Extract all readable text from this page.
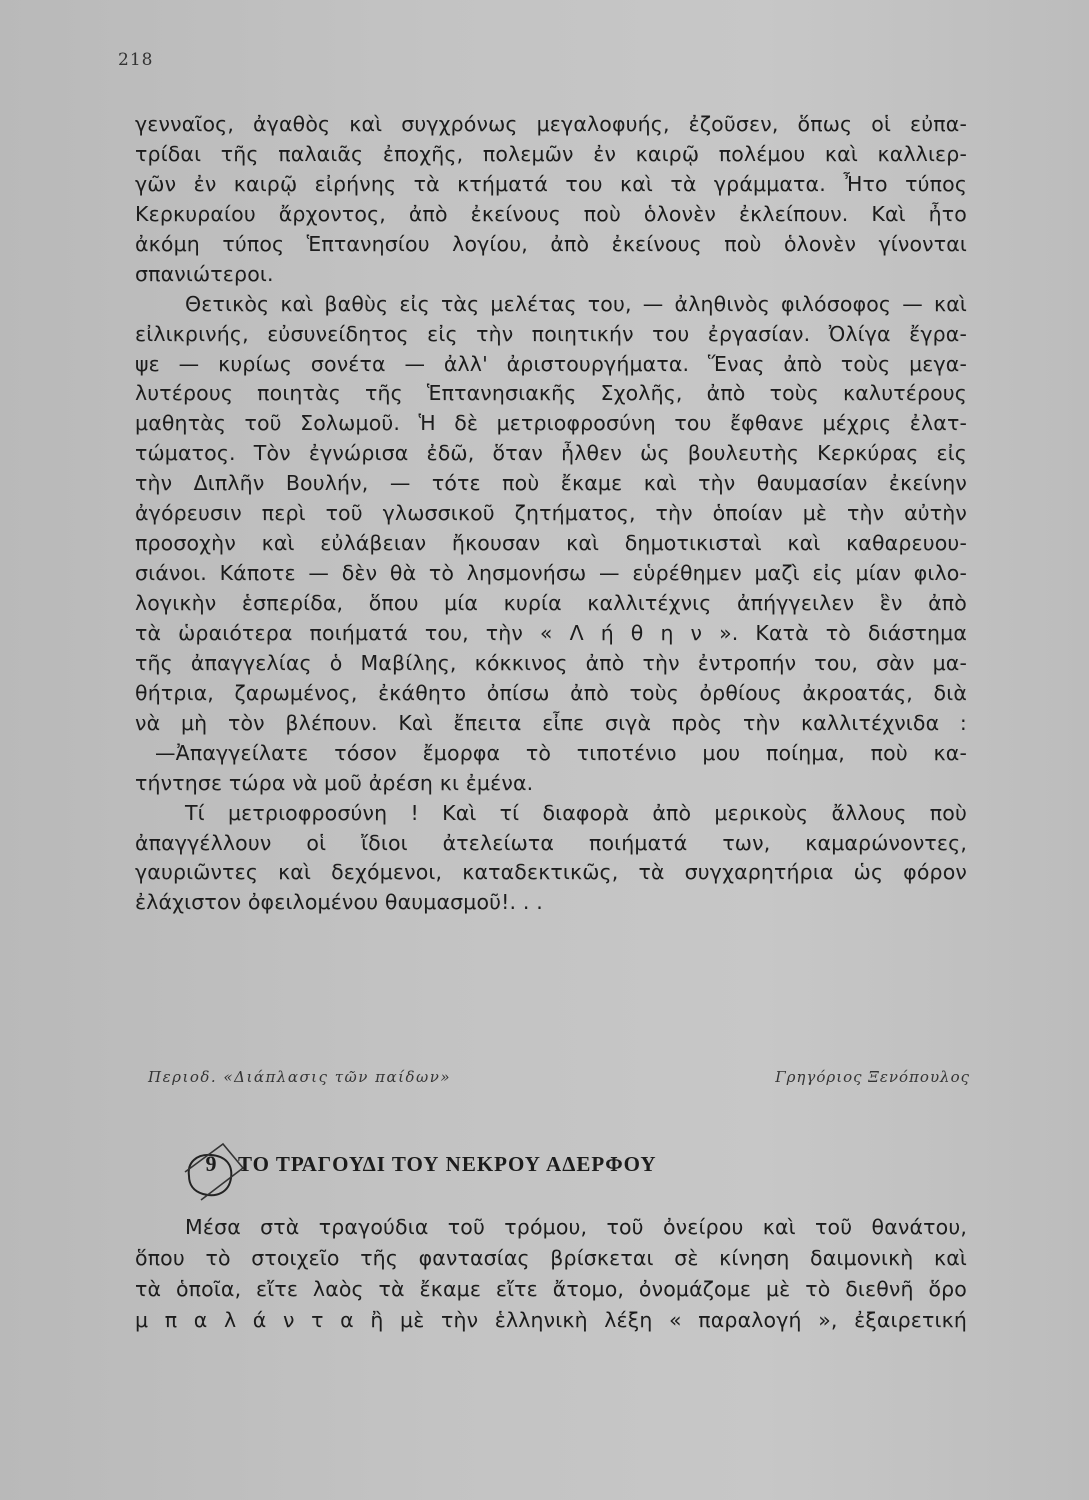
218
γενναῖος, ἀγαθὸς καὶ συγχρόνως μεγαλοφυής, ἐζοῦσεν, ὅπως οἱ εὐπα-
τρίδαι τῆς παλαιᾶς ἐποχῆς, πολεμῶν ἐν καιρῷ πολέμου καὶ καλλιερ-
γῶν ἐν καιρῷ εἰρήνης τὰ κτήματά του καὶ τὰ γράμματα. Ἦτο τύπος
Κερκυραίου ἄρχοντος, ἀπὸ ἐκείνους ποὺ ὁλονὲν ἐκλείπουν. Καὶ ἦτο
ἀκόμη τύπος Ἑπτανησίου λογίου, ἀπὸ ἐκείνους ποὺ ὁλονὲν γίνονται
σπανιώτεροι.
Θετικὸς καὶ βαθὺς εἰς τὰς μελέτας του, — ἀληθινὸς φιλόσοφος — καὶ
εἰλικρινής, εὐσυνείδητος εἰς τὴν ποιητικήν του ἐργασίαν. Ὀλίγα ἔγρα-
ψε — κυρίως σονέτα — ἀλλ' ἀριστουργήματα. Ἕνας ἀπὸ τοὺς μεγα-
λυτέρους ποιητὰς τῆς Ἑπτανησιακῆς Σχολῆς, ἀπὸ τοὺς καλυτέρους
μαθητὰς τοῦ Σολωμοῦ. Ἡ δὲ μετριοφροσύνη του ἔφθανε μέχρις ἐλατ-
τώματος. Τὸν ἐγνώρισα ἐδῶ, ὅταν ἦλθεν ὡς βουλευτὴς Κερκύρας εἰς
τὴν Διπλῆν Βουλήν, — τότε ποὺ ἔκαμε καὶ τὴν θαυμασίαν ἐκείνην
ἀγόρευσιν περὶ τοῦ γλωσσικοῦ ζητήματος, τὴν ὁποίαν μὲ τὴν αὐτὴν
προσοχὴν καὶ εὐλάβειαν ἤκουσαν καὶ δημοτικισταὶ καὶ καθαρευου-
σιάνοι. Κάποτε — δὲν θὰ τὸ λησμονήσω — εὑρέθημεν μαζὶ εἰς μίαν φιλο-
λογικὴν ἑσπερίδα, ὅπου μία κυρία καλλιτέχνις ἀπήγγειλεν ἓν ἀπὸ
τὰ ὡραιότερα ποιήματά του, τὴν « Λ ή θ η ν ». Κατὰ τὸ διάστημα
τῆς ἀπαγγελίας ὁ Μαβίλης, κόκκινος ἀπὸ τὴν ἐντροπήν του, σὰν μα-
θήτρια, ζαρωμένος, ἐκάθητο ὀπίσω ἀπὸ τοὺς ὀρθίους ἀκροατάς, διὰ
νὰ μὴ τὸν βλέπουν. Καὶ ἔπειτα εἶπε σιγὰ πρὸς τὴν καλλιτέχνιδα :
—Ἀπαγγείλατε τόσον ἔμορφα τὸ τιποτένιο μου ποίημα, ποὺ κα-
τήντησε τώρα νὰ μοῦ ἀρέση κι ἐμένα.
Τί μετριοφροσύνη ! Καὶ τί διαφορὰ ἀπὸ μερικοὺς ἄλλους ποὺ
ἀπαγγέλλουν οἱ ἴδιοι ἀτελείωτα ποιήματά των, καμαρώνοντες,
γαυριῶντες καὶ δεχόμενοι, καταδεκτικῶς, τὰ συγχαρητήρια ὡς φόρον
ἐλάχιστον ὀφειλομένου θαυμασμοῦ!. . .
Περιοδ. «Διάπλασις τῶν παίδων»	Γρηγόριος Ξενόπουλος
9	ΤΟ ΤΡΑΓΟΥΔΙ ΤΟΥ ΝΕΚΡΟΥ ΑΔΕΡΦΟΥ
Μέσα στὰ τραγούδια τοῦ τρόμου, τοῦ ὀνείρου καὶ τοῦ θανάτου,
ὅπου τὸ στοιχεῖο τῆς φαντασίας βρίσκεται σὲ κίνηση δαιμονικὴ καὶ
τὰ ὁποῖα, εἴτε λαὸς τὰ ἔκαμε εἴτε ἄτομο, ὀνομάζομε μὲ τὸ διεθνῆ ὅρο
μ π α λ ά ν τ α ἢ μὲ τὴν ἑλληνικὴ λέξη « παραλογή », ἐξαιρετική
